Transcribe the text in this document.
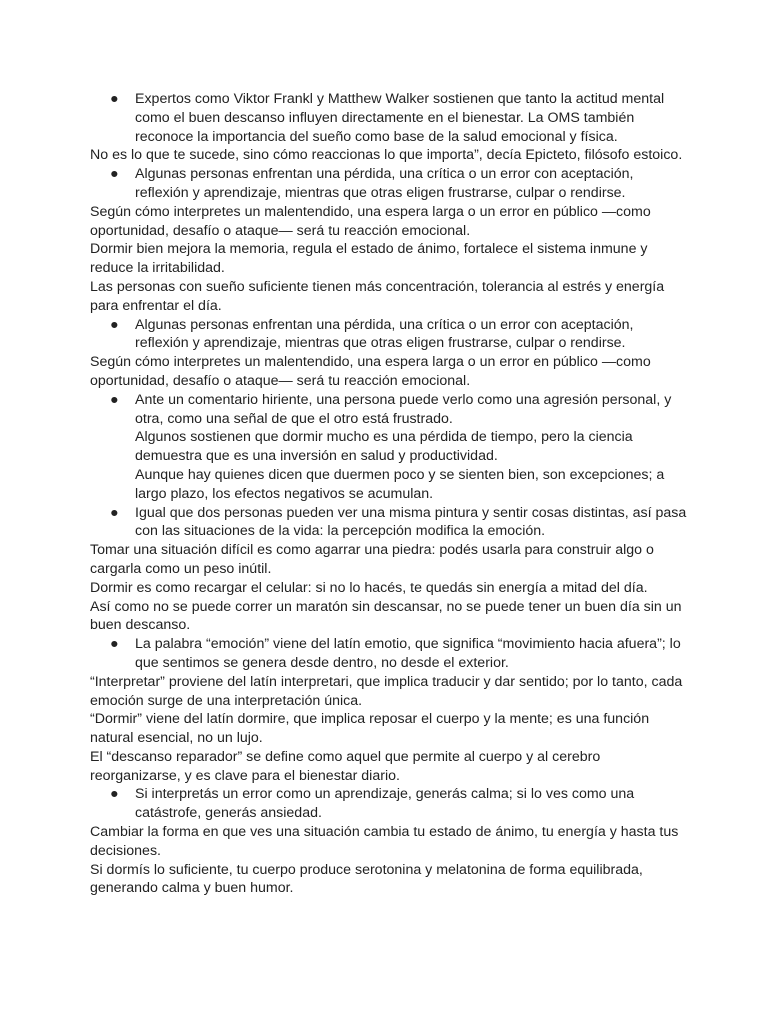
● Expertos como Viktor Frankl y Matthew Walker sostienen que tanto la actitud mental como el buen descanso influyen directamente en el bienestar. La OMS también reconoce la importancia del sueño como base de la salud emocional y física.

No es lo que te sucede, sino cómo reaccionas lo que importa”, decía Epicteto, filósofo estoico.

● Algunas personas enfrentan una pérdida, una crítica o un error con aceptación, reflexión y aprendizaje, mientras que otras eligen frustrarse, culpar o rendirse.

Según cómo interpretes un malentendido, una espera larga o un error en público —como oportunidad, desafío o ataque— será tu reacción emocional.

Dormir bien mejora la memoria, regula el estado de ánimo, fortalece el sistema inmune y reduce la irritabilidad.

Las personas con sueño suficiente tienen más concentración, tolerancia al estrés y energía para enfrentar el día.

● Algunas personas enfrentan una pérdida, una crítica o un error con aceptación, reflexión y aprendizaje, mientras que otras eligen frustrarse, culpar o rendirse.

Según cómo interpretes un malentendido, una espera larga o un error en público —como oportunidad, desafío o ataque— será tu reacción emocional.

● Ante un comentario hiriente, una persona puede verlo como una agresión personal, y otra, como una señal de que el otro está frustrado.
Algunos sostienen que dormir mucho es una pérdida de tiempo, pero la ciencia demuestra que es una inversión en salud y productividad.
Aunque hay quienes dicen que duermen poco y se sienten bien, son excepciones; a largo plazo, los efectos negativos se acumulan.
● Igual que dos personas pueden ver una misma pintura y sentir cosas distintas, así pasa con las situaciones de la vida: la percepción modifica la emoción.

Tomar una situación difícil es como agarrar una piedra: podés usarla para construir algo o cargarla como un peso inútil.

Dormir es como recargar el celular: si no lo hacés, te quedás sin energía a mitad del día.

Así como no se puede correr un maratón sin descansar, no se puede tener un buen día sin un buen descanso.

● La palabra “emoción” viene del latín emotio, que significa “movimiento hacia afuera”; lo que sentimos se genera desde dentro, no desde el exterior.

“Interpretar” proviene del latín interpretari, que implica traducir y dar sentido; por lo tanto, cada emoción surge de una interpretación única.

“Dormir” viene del latín dormire, que implica reposar el cuerpo y la mente; es una función natural esencial, no un lujo.

El “descanso reparador” se define como aquel que permite al cuerpo y al cerebro reorganizarse, y es clave para el bienestar diario.

● Si interpretás un error como un aprendizaje, generás calma; si lo ves como una catástrofe, generás ansiedad.

Cambiar la forma en que ves una situación cambia tu estado de ánimo, tu energía y hasta tus decisiones.

Si dormís lo suficiente, tu cuerpo produce serotonina y melatonina de forma equilibrada, generando calma y buen humor.
